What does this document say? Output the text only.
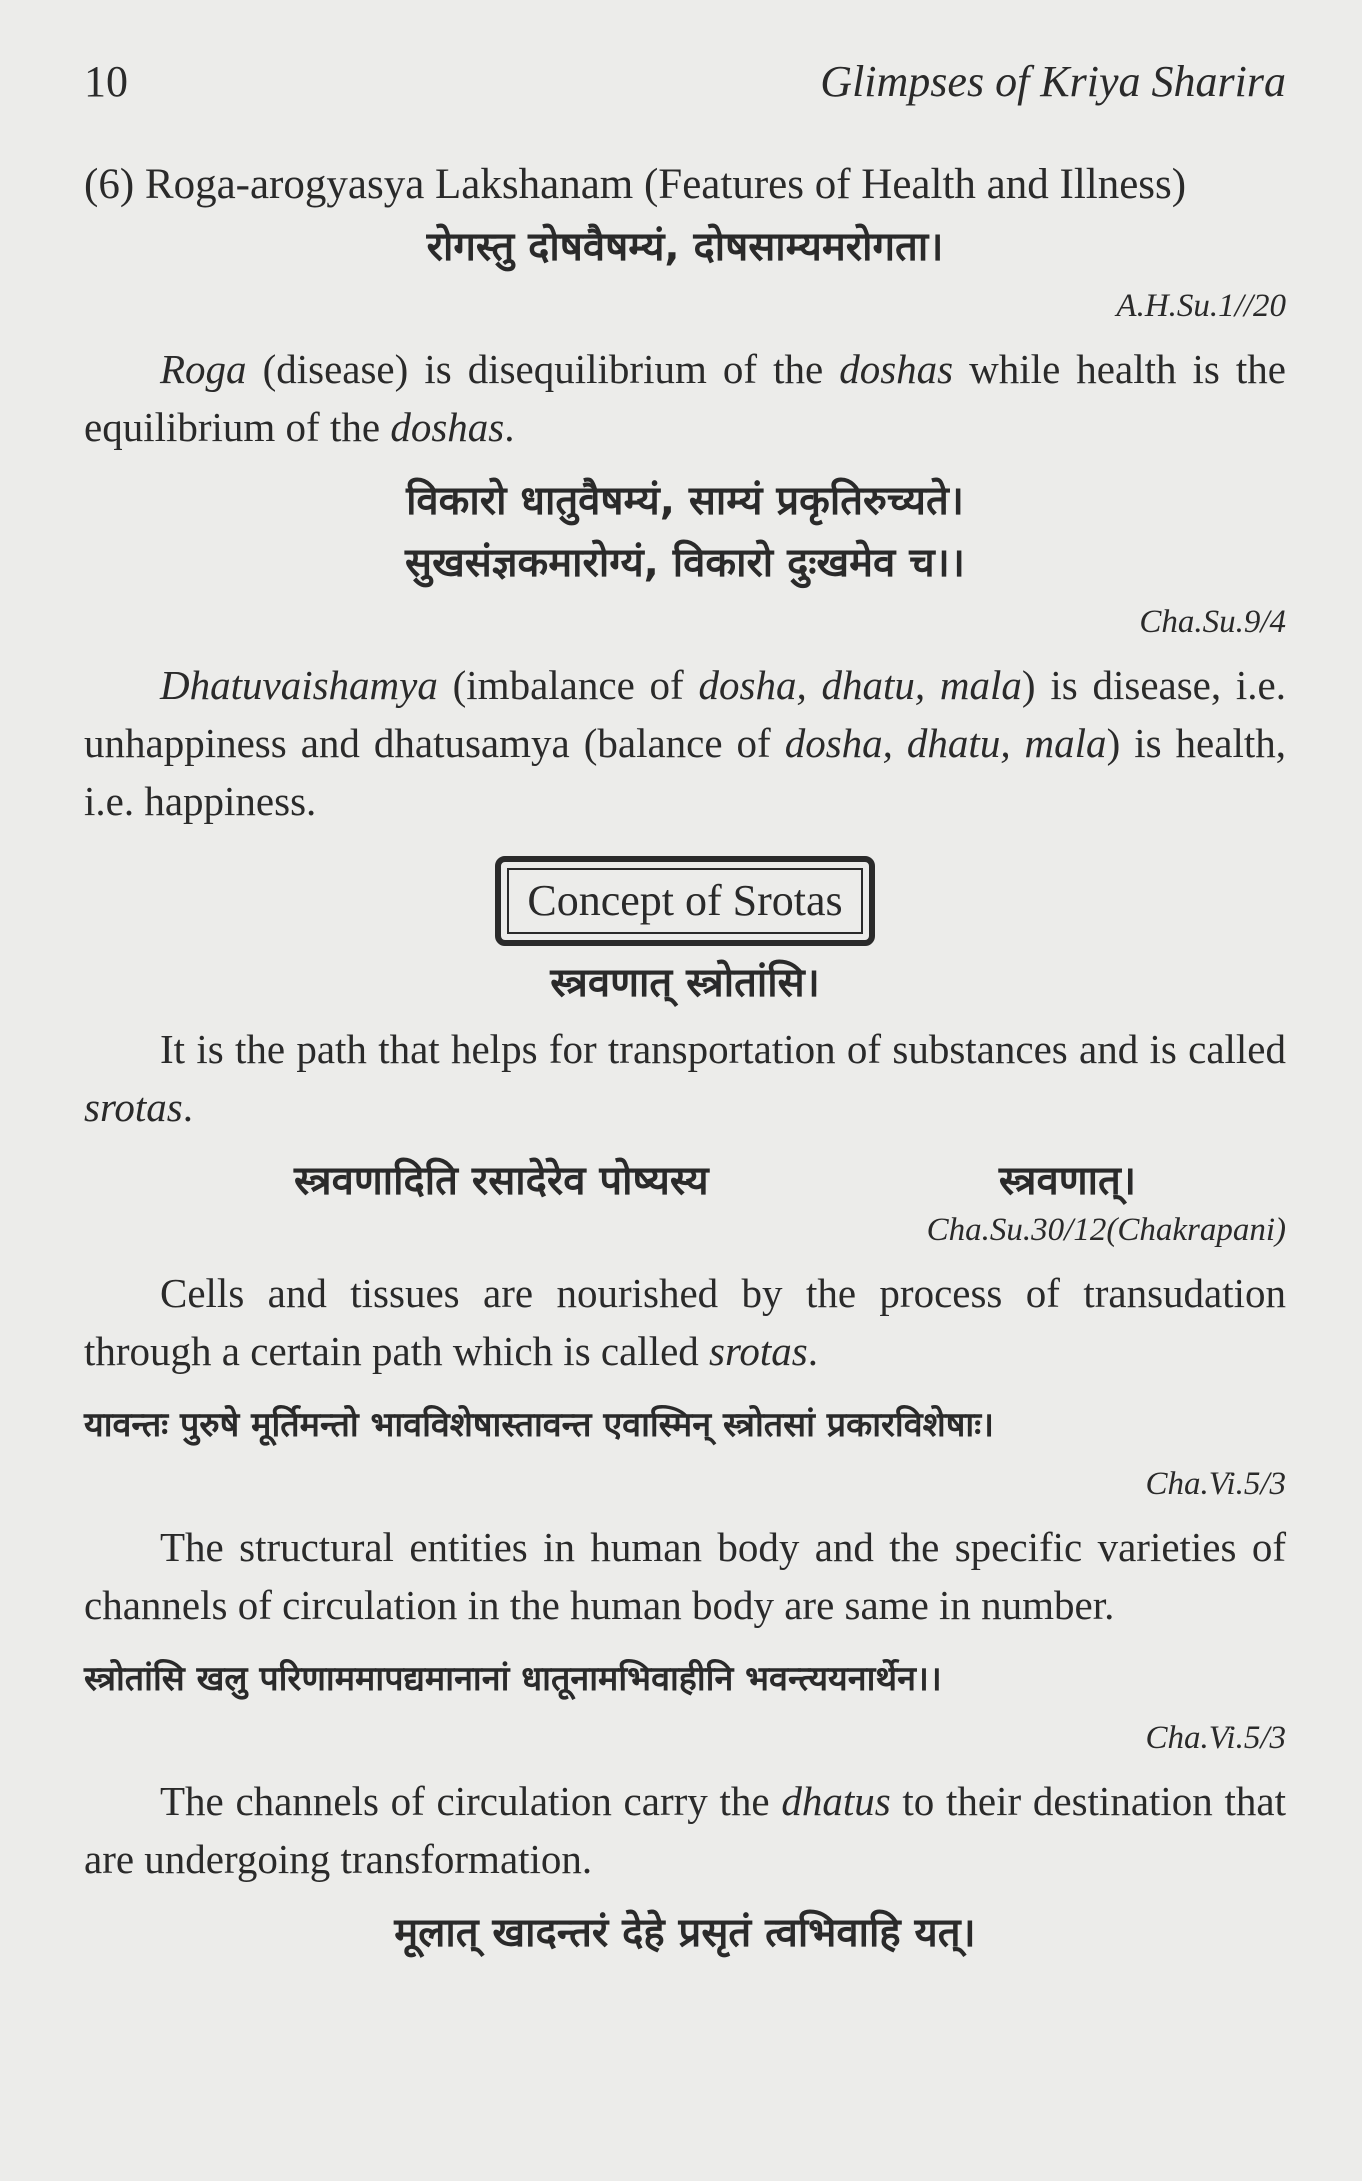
10	Glimpses of Kriya Sharira

(6) Roga-arogyasya Lakshanam (Features of Health and Illness)

रोगस्तु दोषवैषम्यं, दोषसाम्यमरोगता।

A.H.Su.1//20

Roga (disease) is disequilibrium of the doshas while health is the equilibrium of the doshas.

विकारो धातुवैषम्यं, साम्यं प्रकृतिरुच्यते।

सुखसंज्ञकमारोग्यं, विकारो दुःखमेव च।।

Cha.Su.9/4

Dhatuvaishamya (imbalance of dosha, dhatu, mala) is disease, i.e. unhappiness and dhatusamya (balance of dosha, dhatu, mala) is health, i.e. happiness.

Concept of Srotas

स्त्रवणात् स्त्रोतांसि।

It is the path that helps for transportation of substances and is called srotas.

स्त्रवणादिति रसादेरेव पोष्यस्य	स्त्रवणात्।

Cha.Su.30/12(Chakrapani)

Cells and tissues are nourished by the process of transudation through a certain path which is called srotas.

यावन्तः पुरुषे मूर्तिमन्तो भावविशेषास्तावन्त एवास्मिन् स्त्रोतसां प्रकारविशेषाः।

Cha.Vi.5/3

The structural entities in human body and the specific varieties of channels of circulation in the human body are same in number.

स्त्रोतांसि खलु परिणाममापद्यमानानां धातूनामभिवाहीनि भवन्त्ययनार्थेन।।

Cha.Vi.5/3

The channels of circulation carry the dhatus to their destination that are undergoing transformation.

मूलात् खादन्तरं देहे प्रसृतं त्वभिवाहि यत्।
